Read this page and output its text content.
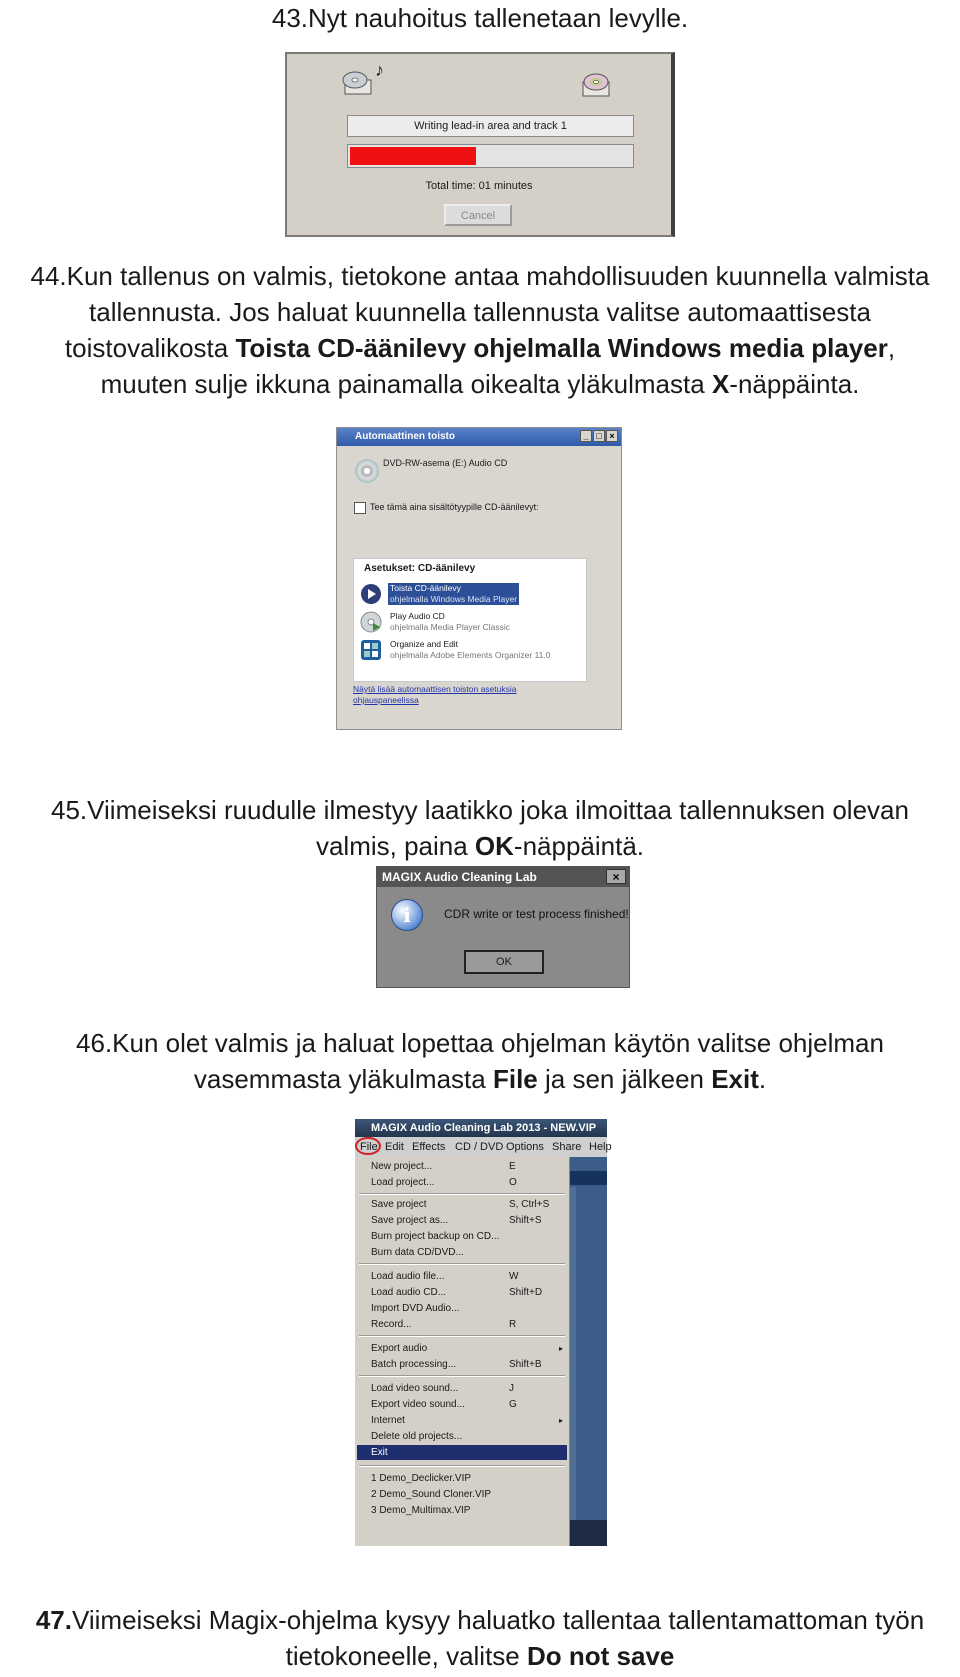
43.Nyt nauhoitus tallenetaan levylle.
♪
Writing lead-in area and track 1
Total time: 01 minutes
Cancel
44.Kun tallenus on valmis, tietokone antaa mahdollisuuden kuunnella valmista
tallennusta. Jos haluat kuunnella tallennusta valitse automaattisesta
toistovalikosta Toista CD-äänilevy ohjelmalla Windows media player,
muuten sulje ikkuna painamalla oikealta yläkulmasta X-näppäinta.
Automaattinen toisto	_ □ ×
DVD-RW-asema (E:) Audio CD
Tee tämä aina sisältötyypille CD-äänilevyt:
Asetukset: CD-äänilevy
Toista CD-äänilevy
ohjelmalla Windows Media Player
Play Audio CD
ohjelmalla Media Player Classic
Organize and Edit
ohjelmalla Adobe Elements Organizer 11.0
Näytä lisää automaattisen toiston asetuksia
ohjauspaneelissa
45.Viimeiseksi ruudulle ilmestyy laatikko joka ilmoittaa tallennuksen olevan
valmis, paina OK-näppäintä.
MAGIX Audio Cleaning Lab	×
i	CDR write or test process finished!
OK
46.Kun olet valmis ja haluat lopettaa ohjelman käytön valitse ohjelman
vasemmasta yläkulmasta File ja sen jälkeen Exit.
MAGIX Audio Cleaning Lab 2013 - NEW.VIP
File Edit Effects CD / DVD Options Share Help
New project...	E
Load project...	O
Save project	S, Ctrl+S
Save project as...	Shift+S
Burn project backup on CD...
Burn data CD/DVD...
Load audio file...	W
Load audio CD...	Shift+D
Import DVD Audio...
Record...	R
Export audio	▸
Batch processing...	Shift+B
Load video sound...	J
Export video sound...	G
Internet	▸
Delete old projects...
Exit
1 Demo_Declicker.VIP
2 Demo_Sound Cloner.VIP
3 Demo_Multimax.VIP
47.Viimeiseksi Magix-ohjelma kysyy haluatko tallentaa tallentamattoman työn
tietokoneelle, valitse Do not save
